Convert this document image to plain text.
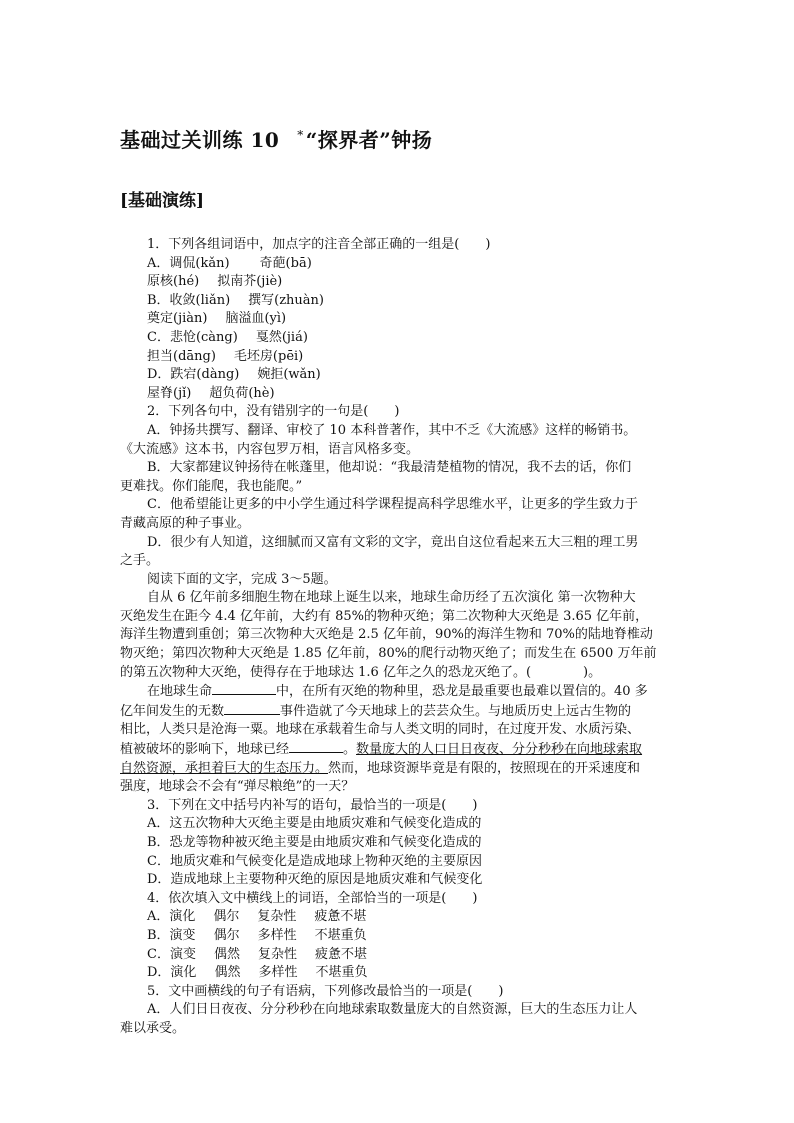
基础过关训练 10 * “探界者”钟扬
[基础演练]

1．下列各组词语中，加点字的注音全部正确的一组是(　　)

A．调侃(kǎn) 奇葩(bā)

原核(hé) 拟南芥(jiè)

B．收敛(liǎn) 撰写(zhuàn)

奠定(jiàn) 脑溢血(yì)

C．悲怆(càng) 戛然(jiá)

担当(dāng) 毛坯房(pēi)

D．跌宕(dàng) 婉拒(wǎn)

屋脊(jǐ) 超负荷(hè)

2．下列各句中，没有错别字的一句是(　　)

A．钟扬共撰写、翻译、审校了 10 本科普著作，其中不乏《大流感》这样的畅销书。

《大流感》这本书，内容包罗万相，语言风格多变。

B．大家都建议钟扬待在帐蓬里，他却说：“我最清楚植物的情况，我不去的话，你们

更难找。你们能爬，我也能爬。”

C．他希望能让更多的中小学生通过科学课程提高科学思维水平，让更多的学生致力于

青藏高原的种子事业。

D．很少有人知道，这细腻而又富有文彩的文字，竟出自这位看起来五大三粗的理工男

之手。

阅读下面的文字，完成 3～5题。

自从 6 亿年前多细胞生物在地球上诞生以来，地球生命历经了五次演化 第一次物种大

灭绝发生在距今 4.4 亿年前，大约有 85%的物种灭绝；第二次物种大灭绝是 3.65 亿年前，

海洋生物遭到重创；第三次物种大灭绝是 2.5 亿年前，90%的海洋生物和 70%的陆地脊椎动

物灭绝；第四次物种大灭绝是 1.85 亿年前，80%的爬行动物灭绝了；而发生在 6500 万年前

的第五次物种大灭绝，使得存在于地球达 1.6 亿年之久的恐龙灭绝了。(　　　　)。

在地球生命	中，在所有灭绝的物种里，恐龙是最重要也最难以置信的。40 多

亿年间发生的无数	事件造就了今天地球上的芸芸众生。与地质历史上远古生物的

相比，人类只是沧海一粟。地球在承载着生命与人类文明的同时，在过度开发、水质污染、

植被破坏的影响下，地球已经	。数量庞大的人口日日夜夜、分分秒秒在向地球索取

自然资源，承担着巨大的生态压力。然而，地球资源毕竟是有限的，按照现在的开采速度和

强度，地球会不会有“弹尽粮绝”的一天？

3．下列在文中括号内补写的语句，最恰当的一项是(　　)

A．这五次物种大灭绝主要是由地质灾难和气候变化造成的

B．恐龙等物种被灭绝主要是由地质灾难和气候变化造成的

C．地质灾难和气候变化是造成地球上物种灭绝的主要原因

D．造成地球上主要物种灭绝的原因是地质灾难和气候变化

4．依次填入文中横线上的词语，全部恰当的一项是(　　)

A．演化 偶尔 复杂性 疲惫不堪

B．演变 偶尔 多样性 不堪重负

C．演变 偶然 复杂性 疲惫不堪

D．演化 偶然 多样性 不堪重负

5．文中画横线的句子有语病，下列修改最恰当的一项是(　　)

A．人们日日夜夜、分分秒秒在向地球索取数量庞大的自然资源，巨大的生态压力让人

难以承受。
